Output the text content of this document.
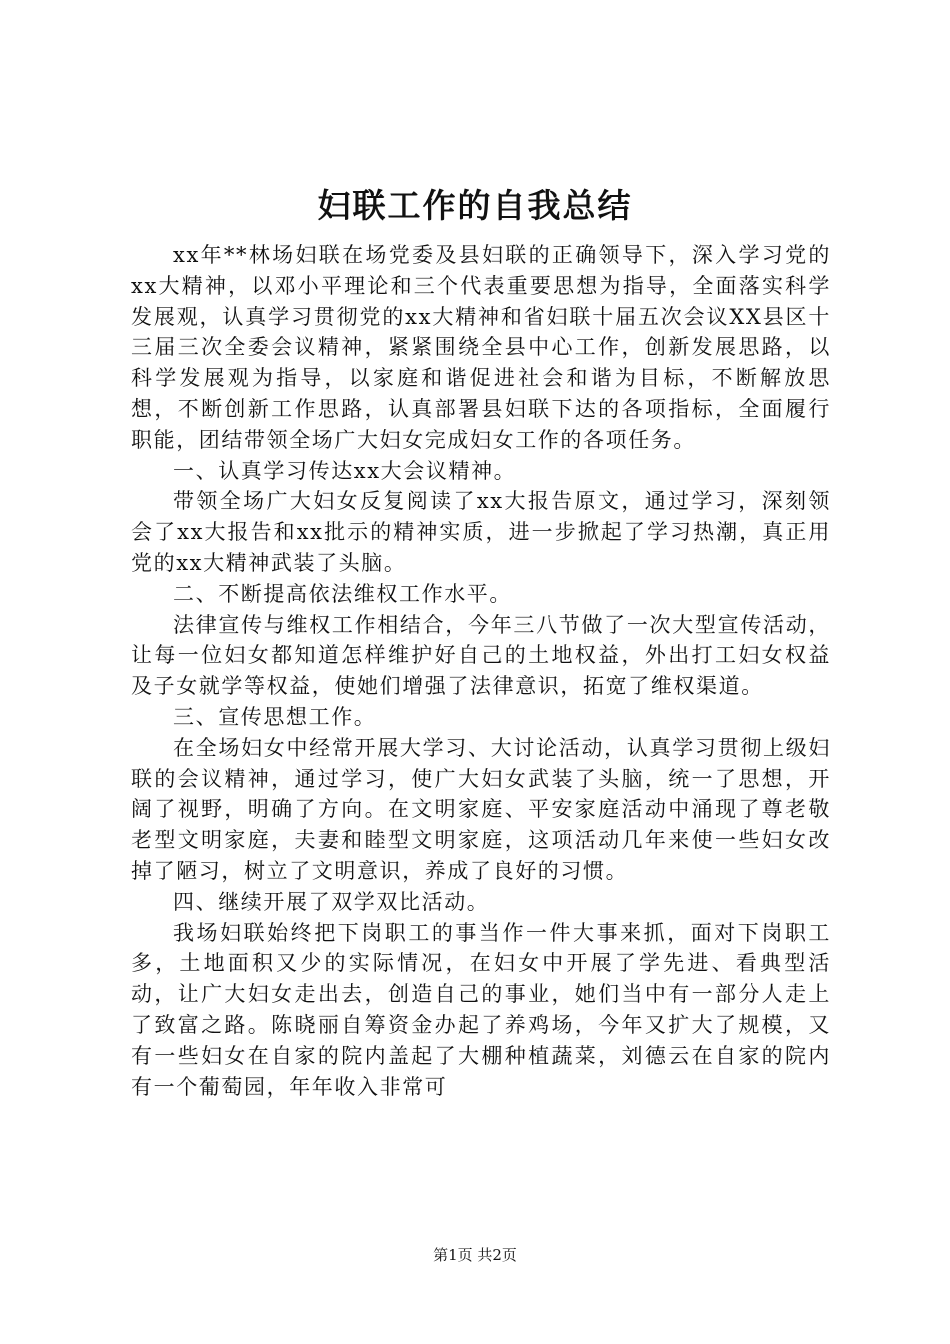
妇联工作的自我总结

xx年**林场妇联在场党委及县妇联的正确领导下，深入学习党的xx大精神，以邓小平理论和三个代表重要思想为指导，全面落实科学发展观，认真学习贯彻党的xx大精神和省妇联十届五次会议XX县区十三届三次全委会议精神，紧紧围绕全县中心工作，创新发展思路，以科学发展观为指导，以家庭和谐促进社会和谐为目标，不断解放思想，不断创新工作思路，认真部署县妇联下达的各项指标，全面履行职能，团结带领全场广大妇女完成妇女工作的各项任务。

一、认真学习传达xx大会议精神。

带领全场广大妇女反复阅读了xx大报告原文，通过学习，深刻领会了xx大报告和xx批示的精神实质，进一步掀起了学习热潮，真正用党的xx大精神武装了头脑。

二、不断提高依法维权工作水平。

法律宣传与维权工作相结合，今年三八节做了一次大型宣传活动，让每一位妇女都知道怎样维护好自己的土地权益，外出打工妇女权益及子女就学等权益，使她们增强了法律意识，拓宽了维权渠道。

三、宣传思想工作。

在全场妇女中经常开展大学习、大讨论活动，认真学习贯彻上级妇联的会议精神，通过学习，使广大妇女武装了头脑，统一了思想，开阔了视野，明确了方向。在文明家庭、平安家庭活动中涌现了尊老敬老型文明家庭，夫妻和睦型文明家庭，这项活动几年来使一些妇女改掉了陋习，树立了文明意识，养成了良好的习惯。

四、继续开展了双学双比活动。

我场妇联始终把下岗职工的事当作一件大事来抓，面对下岗职工多，土地面积又少的实际情况，在妇女中开展了学先进、看典型活动，让广大妇女走出去，创造自己的事业，她们当中有一部分人走上了致富之路。陈晓丽自筹资金办起了养鸡场，今年又扩大了规模，又有一些妇女在自家的院内盖起了大棚种植蔬菜，刘德云在自家的院内有一个葡萄园，年年收入非常可

第1页 共2页
